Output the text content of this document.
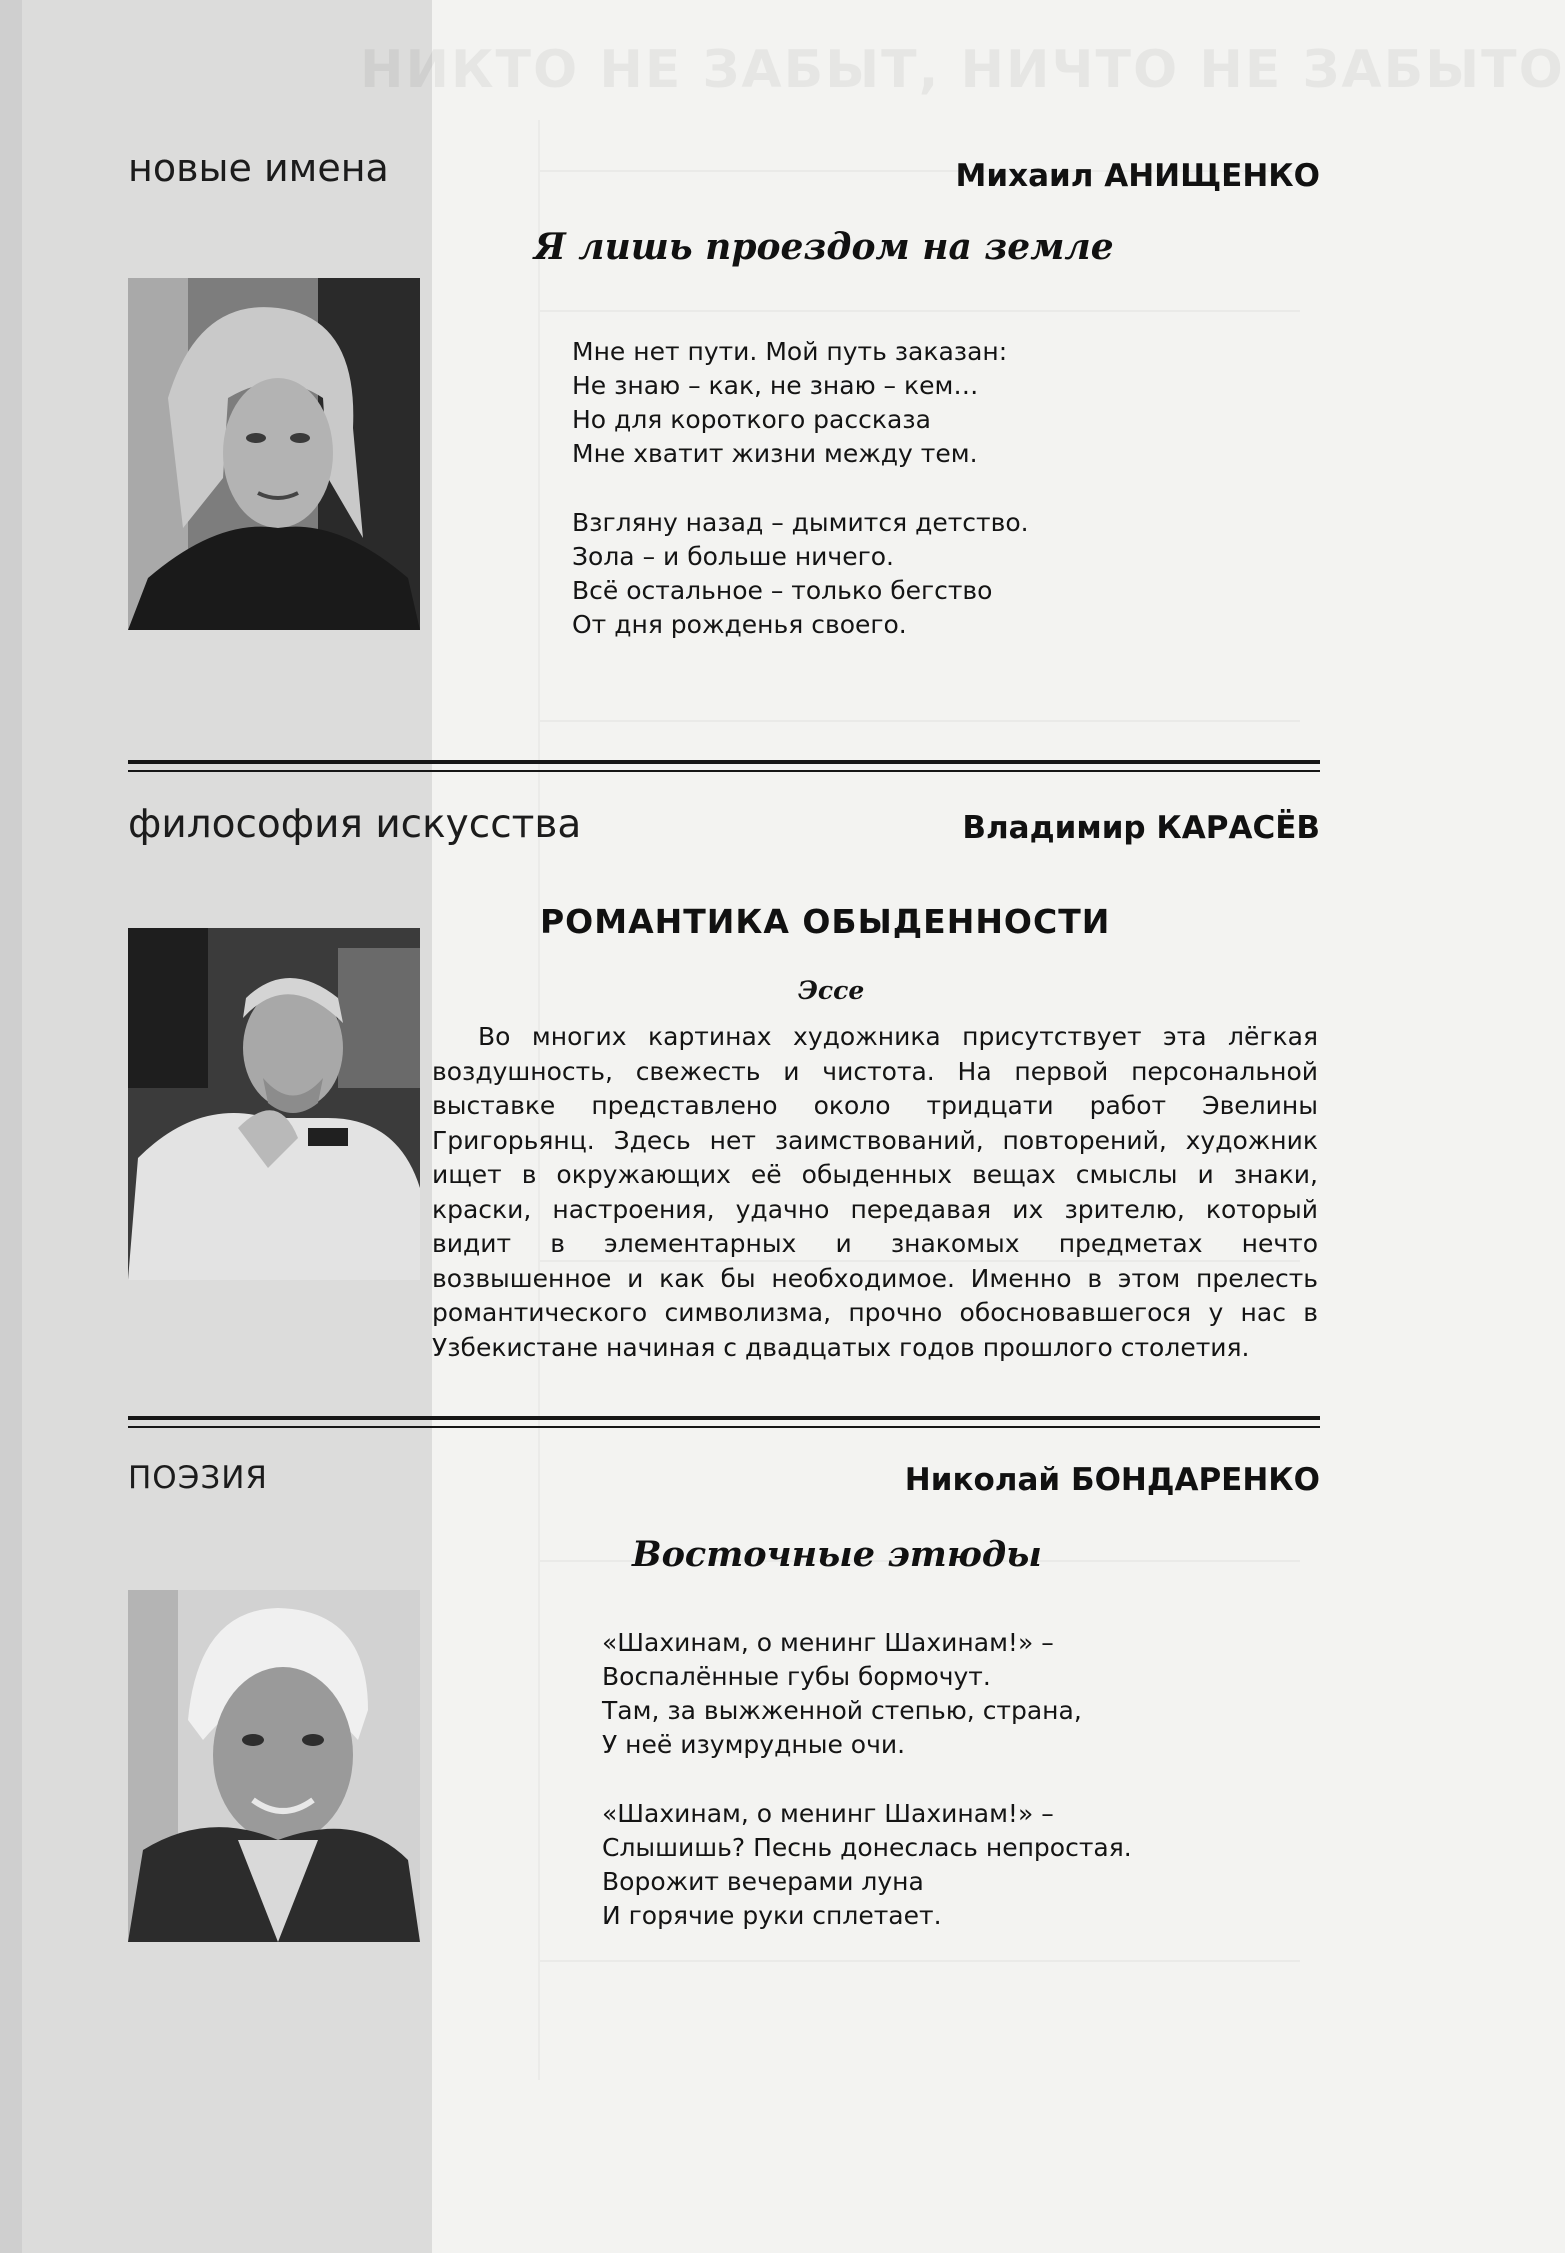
НИКТО НЕ ЗАБЫТ, НИЧТО НЕ ЗАБЫТО
новые имена	Михаил АНИЩЕНКО
Я лишь проездом на земле
Мне нет пути. Мой путь заказан:
Не знаю – как, не знаю – кем…
Но для короткого рассказа
Мне хватит жизни между тем.
Взгляну назад – дымится детство.
Зола – и больше ничего.
Всё остальное – только бегство
От дня рожденья своего.
философия искусства	Владимир КАРАСЁВ
РОМАНТИКА ОБЫДЕННОСТИ
Эссе
Во многих картинах художника присутствует эта лёгкая воздушность, свежесть и чистота. На первой персональной выставке представлено около тридцати работ Эвелины Григорьянц. Здесь нет заимствований, повторений, художник ищет в окружающих её обыденных вещах смыслы и знаки, краски, настроения, удачно передавая их зрителю, который видит в элементарных и знакомых предметах нечто возвышенное и как бы необходимое. Именно в этом прелесть романтического символизма, прочно обосновавшегося у нас в Узбекистане начиная с двадцатых годов прошлого столетия.
ПОЭЗИЯ	Николай БОНДАРЕНКО
Восточные этюды
«Шахинам, о менинг Шахинам!» –
Воспалённые губы бормочут.
Там, за выжженной степью, страна,
У неё изумрудные очи.
«Шахинам, о менинг Шахинам!» –
Слышишь? Песнь донеслась непростая.
Ворожит вечерами луна
И горячие руки сплетает.
